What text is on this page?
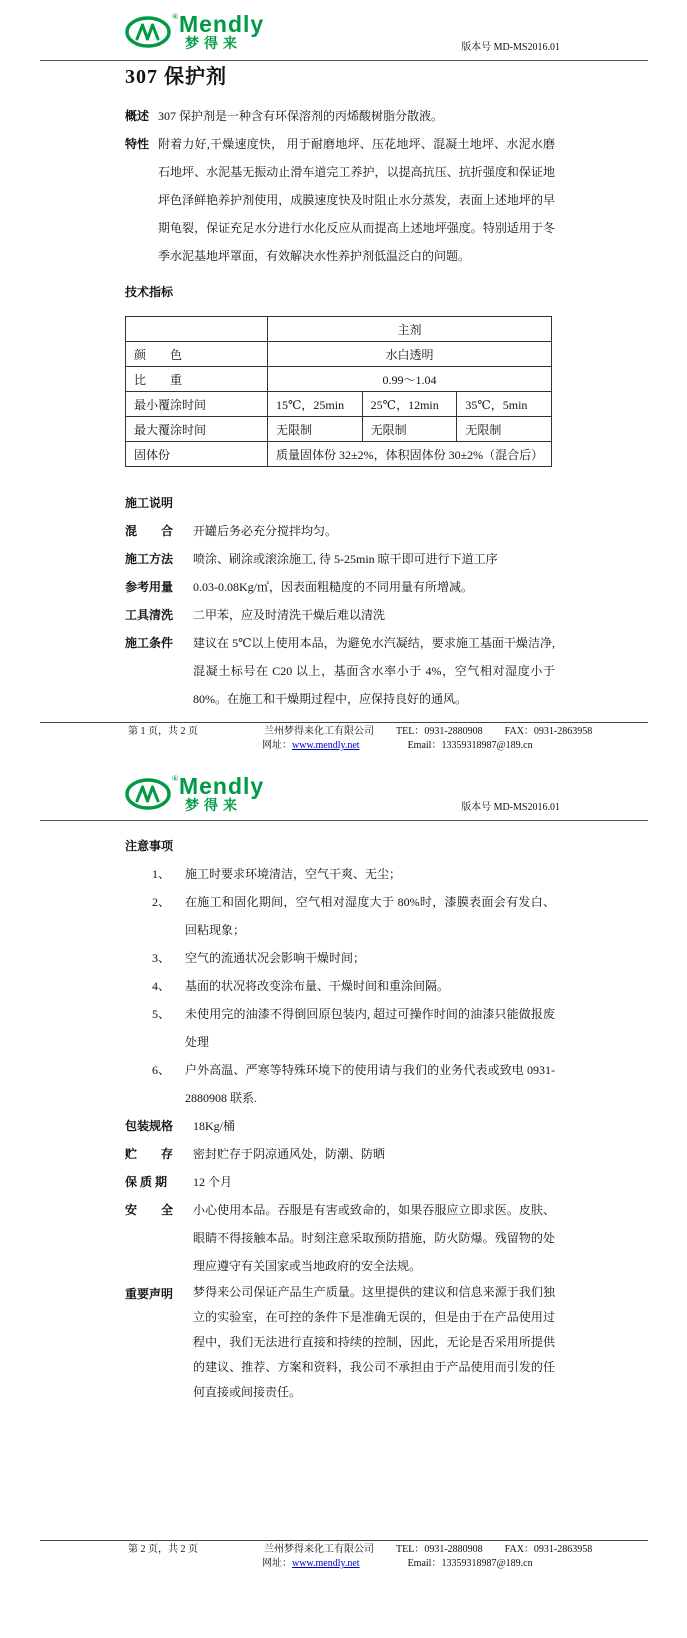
® Mendly
梦得来	版本号 MD-MS2016.01
307 保护剂
概述 307 保护剂是一种含有环保溶剂的丙烯酸树脂分散液。
特性 附着力好,干燥速度快， 用于耐磨地坪、压花地坪、混凝土地坪、水泥水磨石地坪、水泥基无振动止滑车道完工养护，以提高抗压、抗折强度和保证地坪色泽鲜艳养护剂使用，成膜速度快及时阻止水分蒸发，表面上述地坪的早期龟裂，保证充足水分进行水化反应从而提高上述地坪强度。特别适用于冬季水泥基地坪罩面，有效解决水性养护剂低温泛白的问题。
技术指标
	主剂		
颜　　色	水白透明		
比　　重	0.99～1.04		
最小覆涂时间	15℃，25min	25℃，12min	35℃，5min
最大覆涂时间	无限制	无限制	无限制
固体份	质量固体份 32±2%，体积固体份 30±2%（混合后）		
施工说明
混　　合	开罐后务必充分搅拌均匀。
施工方法	喷涂、刷涂或滚涂施工, 待 5-25min 晾干即可进行下道工序
参考用量	0.03-0.08Kg/㎡，因表面粗糙度的不同用量有所增减。
工具清洗	二甲苯，应及时清洗干燥后难以清洗
施工条件	建议在 5℃以上使用本品，为避免水汽凝结，要求施工基面干燥洁净, 混凝土标号在 C20 以上，基面含水率小于 4%，空气相对湿度小于 80%。在施工和干燥期过程中，应保持良好的通风。
第 1 页，共 2 页	兰州梦得来化工有限公司 TEL：0931-2880908 FAX：0931-2863958
网址： www.mendly.net	Email：13359318987@189.cn
® Mendly
梦得来	版本号 MD-MS2016.01
注意事项
1、	施工时要求环境清洁，空气干爽、无尘；
2、	在施工和固化期间，空气相对湿度大于 80%时，漆膜表面会有发白、回粘现象；
3、	空气的流通状况会影响干燥时间；
4、	基面的状况将改变涂布量、干燥时间和重涂间隔。
5、	未使用完的油漆不得倒回原包装内, 超过可操作时间的油漆只能做报废处理
6、	户外高温、严寒等特殊环境下的使用请与我们的业务代表或致电 0931-2880908 联系.
包装规格	18Kg/桶
贮　　存	密封贮存于阴凉通风处，防潮、防晒
保 质 期	12 个月
安　　全	小心使用本品。吞服是有害或致命的，如果吞服应立即求医。皮肤、眼睛不得接触本品。时刻注意采取预防措施，防火防爆。残留物的处理应遵守有关国家或当地政府的安全法规。
重要声明	梦得来公司保证产品生产质量。这里提供的建议和信息来源于我们独立的实验室，在可控的条件下是准确无误的，但是由于在产品使用过程中，我们无法进行直接和持续的控制，因此，无论是否采用所提供的建议、推荐、方案和资料，我公司不承担由于产品使用而引发的任何直接或间接责任。
第 2 页，共 2 页	兰州梦得来化工有限公司 TEL：0931-2880908 FAX：0931-2863958
网址： www.mendly.net	Email：13359318987@189.cn
